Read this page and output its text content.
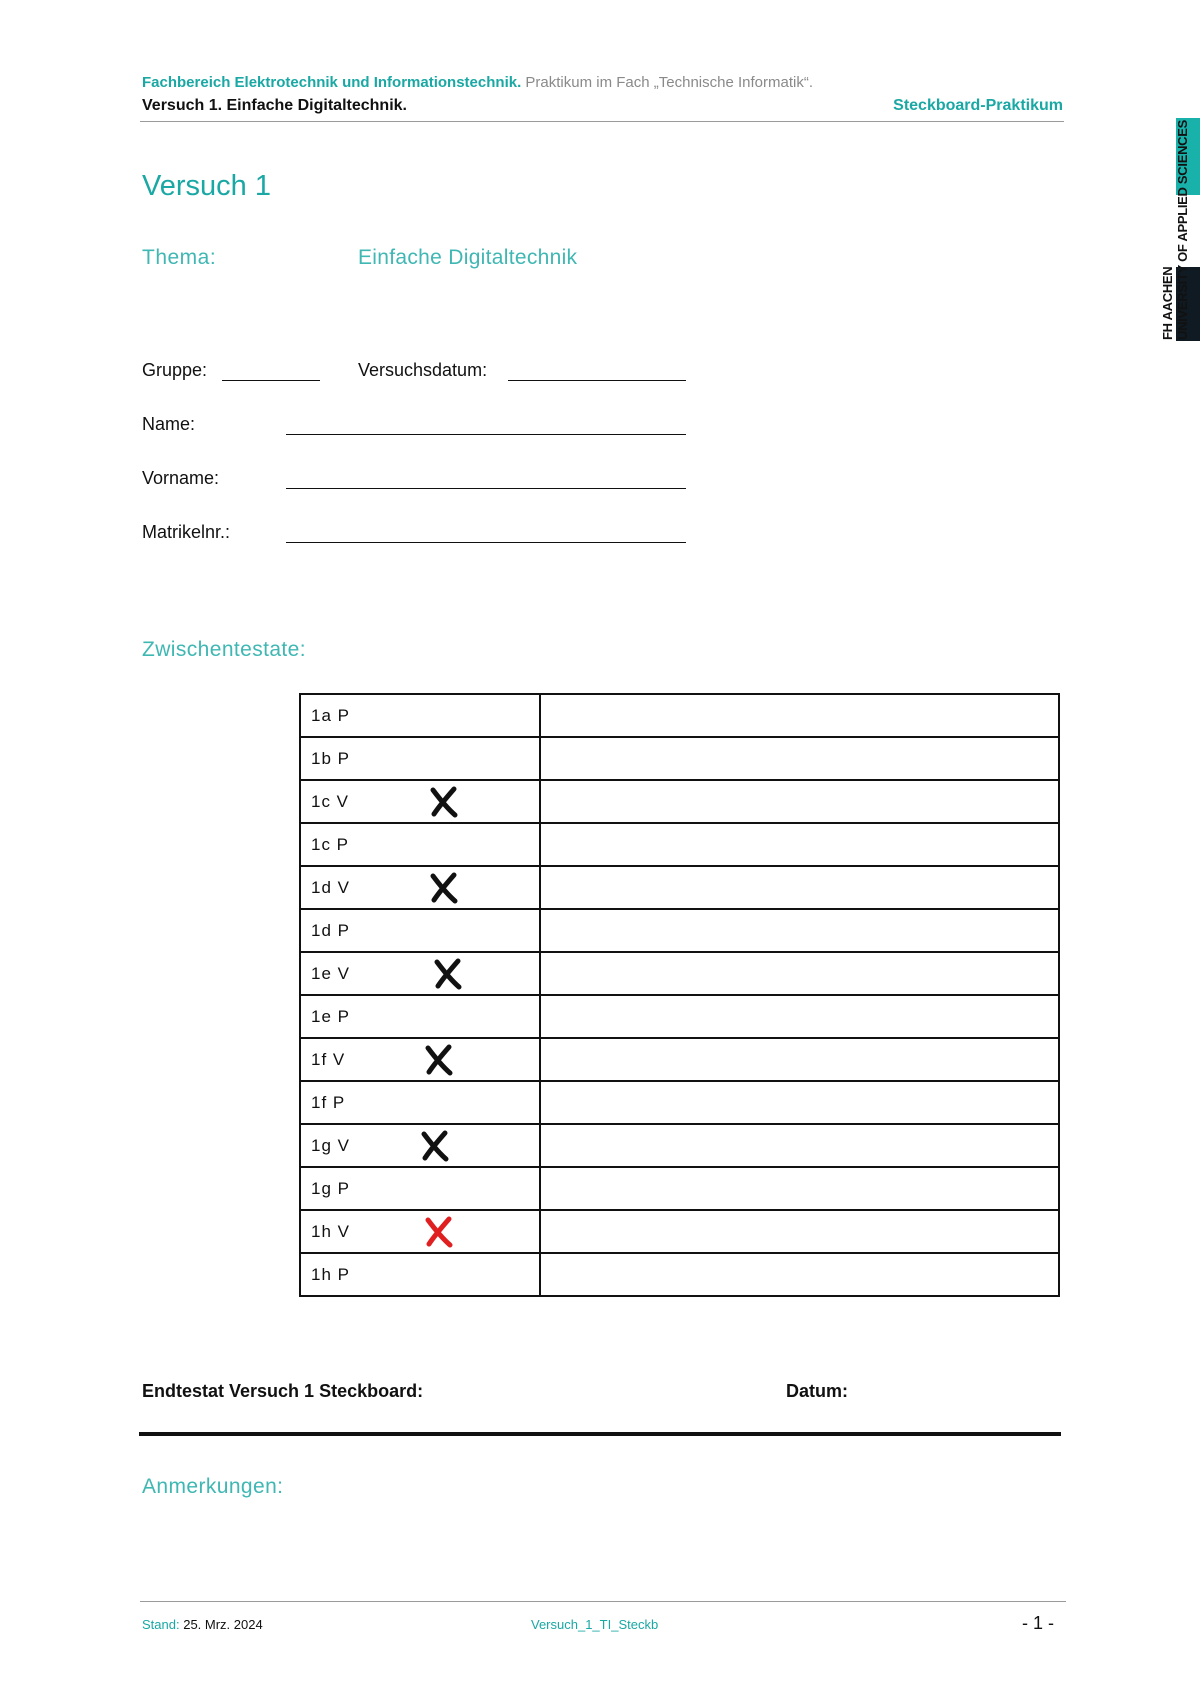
Fachbereich Elektrotechnik und Informationstechnik. Praktikum im Fach „Technische Informatik“.
Versuch 1. Einfache Digitaltechnik.	Steckboard-Praktikum
FH AACHEN UNIVERSITY OF APPLIED SCIENCES
Versuch 1
Thema:	Einfache Digitaltechnik
Gruppe:	Versuchsdatum:
Name:
Vorname:
Matrikelnr.:
Zwischentestate:
1a P	
1b P	
1c V

1c P	
1d V

1d P	
1e V

1e P	
1f V

1f P	
1g V

1g P	
1h V

1h P	
Endtestat Versuch 1 Steckboard:	Datum:
Anmerkungen:
Stand: 25. Mrz. 2024	Versuch_1_TI_Steckb	- 1 -
